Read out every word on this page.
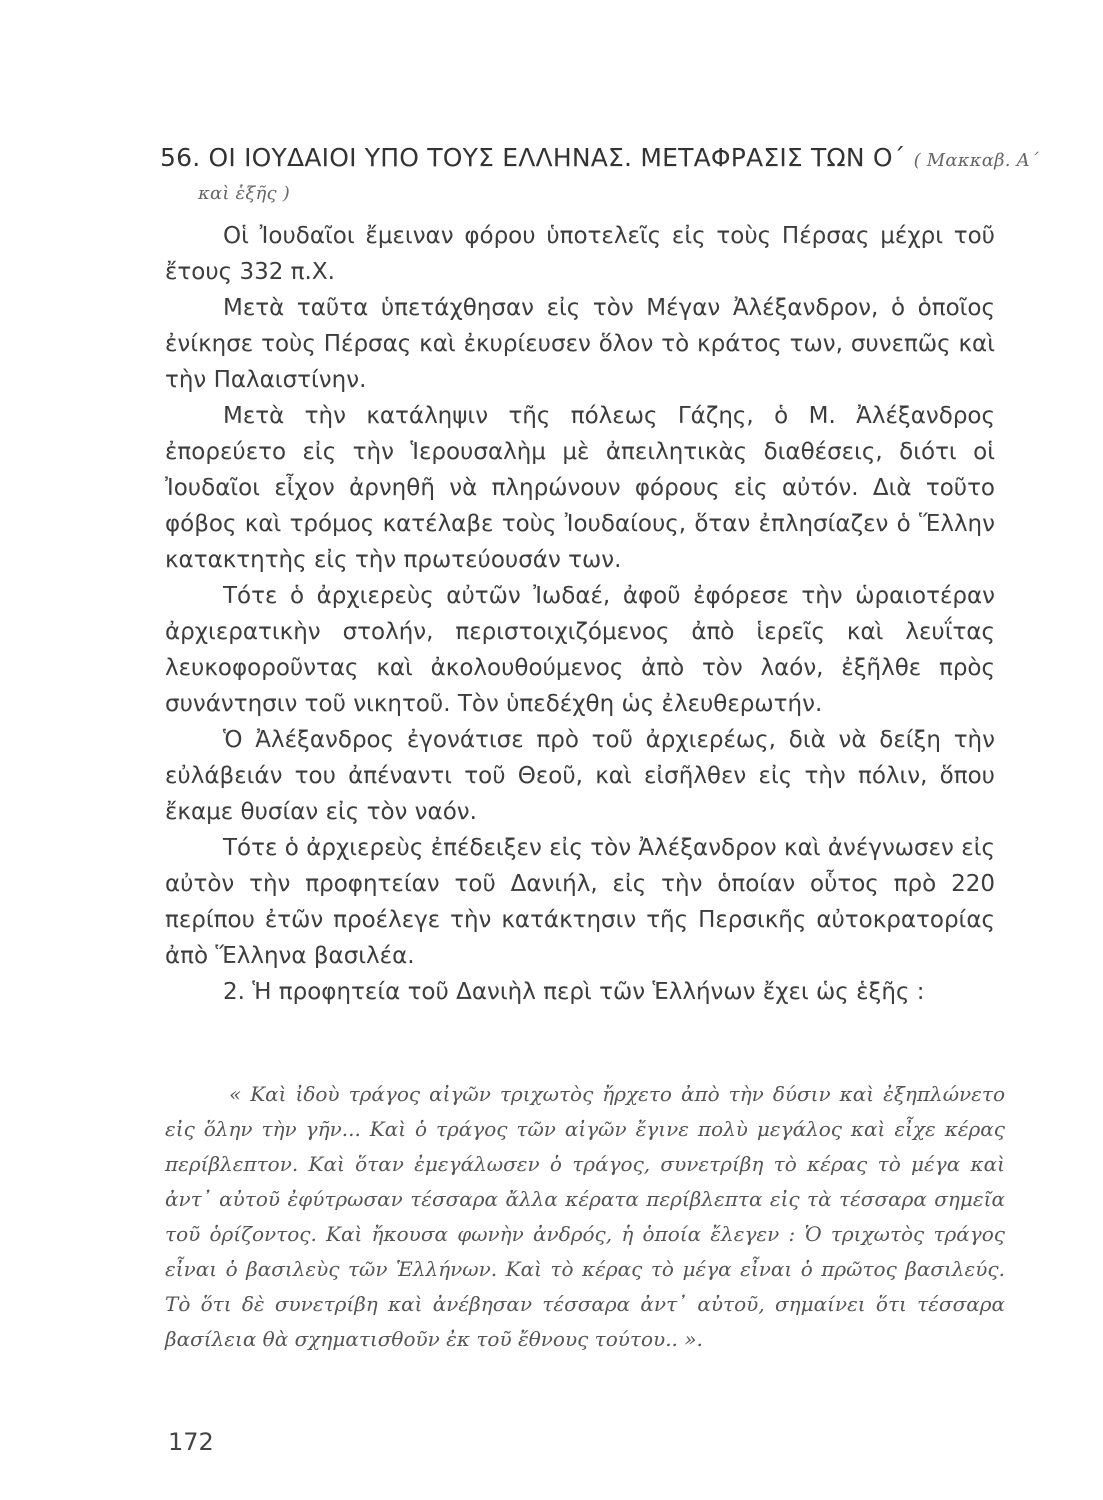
56. ΟΙ ΙΟΥΔΑΙΟΙ ΥΠΟ ΤΟΥΣ ΕΛΛΗΝΑΣ. ΜΕΤΑΦΡΑΣΙΣ ΤΩΝ Ο΄ ( Μακκαβ. Α΄
καὶ ἑξῆς )

Οἱ Ἰουδαῖοι ἔμειναν φόρου ὑποτελεῖς εἰς τοὺς Πέρσας μέχρι τοῦ ἔτους 332 π.Χ.

Μετὰ ταῦτα ὑπετάχθησαν εἰς τὸν Μέγαν Ἀλέξανδρον, ὁ ὁποῖος ἐνίκησε τοὺς Πέρσας καὶ ἐκυρίευσεν ὅλον τὸ κράτος των, συνεπῶς καὶ τὴν Παλαιστίνην.

Μετὰ τὴν κατάληψιν τῆς πόλεως Γάζης, ὁ Μ. Ἀλέξανδρος ἐπορεύετο εἰς τὴν Ἱερουσαλὴμ μὲ ἀπειλητικὰς διαθέσεις, διότι οἱ Ἰουδαῖοι εἶχον ἀρνηθῆ νὰ πληρώνουν φόρους εἰς αὐτόν. Διὰ τοῦτο φόβος καὶ τρόμος κατέλαβε τοὺς Ἰουδαίους, ὅταν ἐπλησίαζεν ὁ Ἕλλην κατακτητὴς εἰς τὴν πρωτεύουσάν των.

Τότε ὁ ἀρχιερεὺς αὐτῶν Ἰωδαέ, ἀφοῦ ἐφόρεσε τὴν ὡραιοτέραν ἀρχιερατικὴν στολήν, περιστοιχιζόμενος ἀπὸ ἱερεῖς καὶ λευΐτας λευκοφοροῦντας καὶ ἀκολουθούμενος ἀπὸ τὸν λαόν, ἐξῆλθε πρὸς συνάντησιν τοῦ νικητοῦ. Τὸν ὑπεδέχθη ὡς ἐλευθερωτήν.

Ὁ Ἀλέξανδρος ἐγονάτισε πρὸ τοῦ ἀρχιερέως, διὰ νὰ δείξη τὴν εὐλάβειάν του ἀπέναντι τοῦ Θεοῦ, καὶ εἰσῆλθεν εἰς τὴν πόλιν, ὅπου ἔκαμε θυσίαν εἰς τὸν ναόν.

Τότε ὁ ἀρχιερεὺς ἐπέδειξεν εἰς τὸν Ἀλέξανδρον καὶ ἀνέγνωσεν εἰς αὐτὸν τὴν προφητείαν τοῦ Δανιήλ, εἰς τὴν ὁποίαν οὗτος πρὸ 220 περίπου ἐτῶν προέλεγε τὴν κατάκτησιν τῆς Περσικῆς αὐτοκρατορίας ἀπὸ Ἕλληνα βασιλέα.

2. Ἡ προφητεία τοῦ Δανιὴλ περὶ τῶν Ἑλλήνων ἔχει ὡς ἑξῆς :

« Καὶ ἰδοὺ τράγος αἰγῶν τριχωτὸς ἤρχετο ἀπὸ τὴν δύσιν καὶ ἐξηπλώνετο εἰς ὅλην τὴν γῆν... Καὶ ὁ τράγος τῶν αἰγῶν ἔγινε πολὺ μεγάλος καὶ εἶχε κέρας περίβλεπτον. Καὶ ὅταν ἐμεγάλωσεν ὁ τράγος, συνετρίβη τὸ κέρας τὸ μέγα καὶ ἀντ᾽ αὐτοῦ ἐφύτρωσαν τέσσαρα ἄλλα κέρατα περίβλεπτα εἰς τὰ τέσσαρα σημεῖα τοῦ ὁρίζοντος. Καὶ ἤκουσα φωνὴν ἀνδρός, ἡ ὁποία ἔλεγεν : Ὁ τριχωτὸς τράγος εἶναι ὁ βασιλεὺς τῶν Ἑλλήνων. Καὶ τὸ κέρας τὸ μέγα εἶναι ὁ πρῶτος βασιλεύς. Τὸ ὅτι δὲ συνετρίβη καὶ ἀνέβησαν τέσσαρα ἀντ᾽ αὐτοῦ, σημαίνει ὅτι τέσσαρα βασίλεια θὰ σχηματισθοῦν ἐκ τοῦ ἔθνους τούτου.. ».
172
